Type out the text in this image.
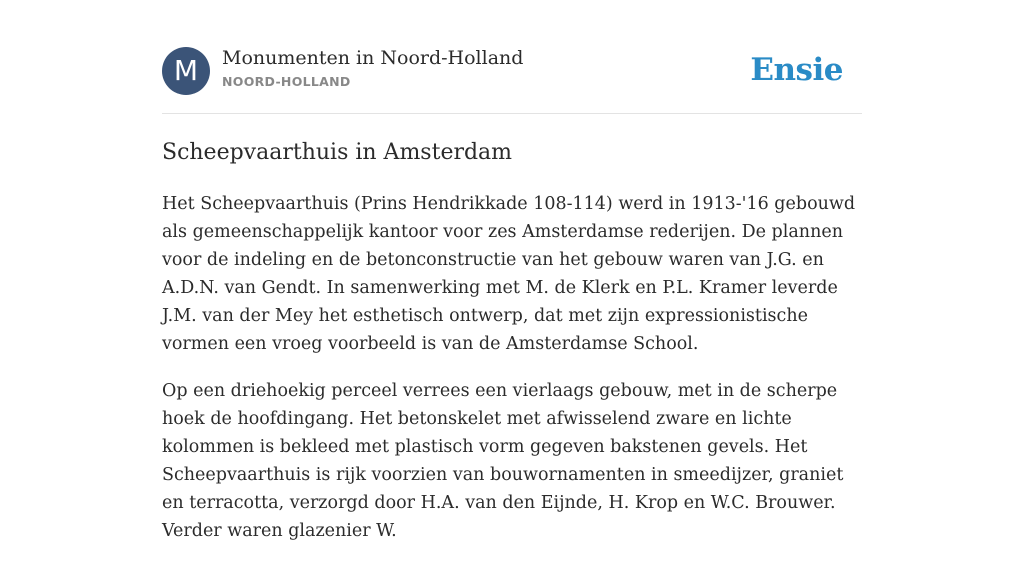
M	Monumenten in Noord-Holland
NOORD-HOLLAND	Ensie
Scheepvaarthuis in Amsterdam

Het Scheepvaarthuis (Prins Hendrikkade 108-114) werd in 1913-'16 gebouwd als gemeenschappelijk kantoor voor zes Amsterdamse rederijen. De plannen voor de indeling en de betonconstructie van het gebouw waren van J.G. en A.D.N. van Gendt. In samenwerking met M. de Klerk en P.L. Kramer leverde J.M. van der Mey het esthetisch ontwerp, dat met zijn expressionistische vormen een vroeg voorbeeld is van de Amsterdamse School.

Op een driehoekig perceel verrees een vierlaags gebouw, met in de scherpe hoek de hoofdingang. Het betonskelet met afwisselend zware en lichte kolommen is bekleed met plastisch vorm gegeven bakstenen gevels. Het Scheepvaarthuis is rijk voorzien van bouwornamenten in smeedijzer, graniet en terracotta, verzorgd door H.A. van den Eijnde, H. Krop en W.C. Brouwer. Verder waren glazenier W.
